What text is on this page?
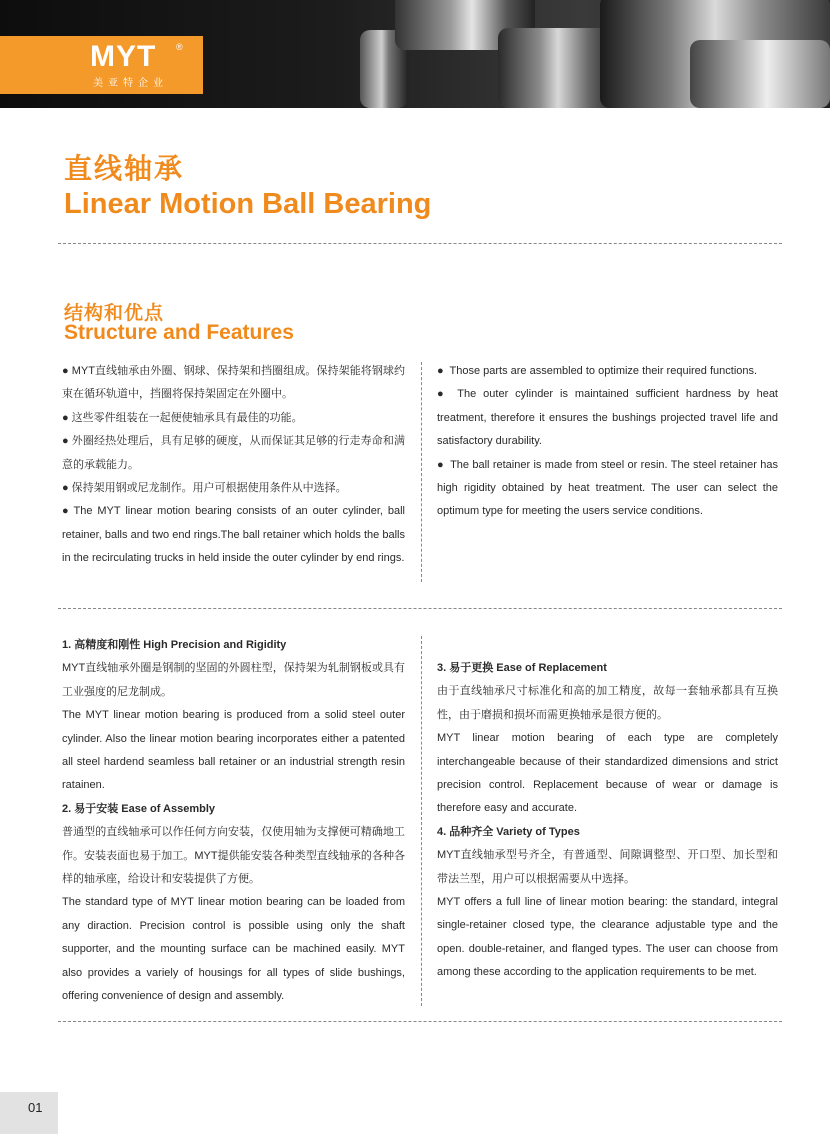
MYT ®
美亚特企业
直线轴承
Linear Motion Ball Bearing
结构和优点
Structure and Features

● MYT直线轴承由外圈、钢球、保持架和挡圈组成。保持架能将钢球约束在循环轨道中，挡圈将保持架固定在外圈中。

● 这些零件组装在一起便使轴承具有最佳的功能。

● 外圈经热处理后，具有足够的硬度，从而保证其足够的行走寿命和满意的承载能力。

● 保持架用钢或尼龙制作。用户可根据使用条件从中选择。

● The MYT linear motion bearing consists of an outer cylinder, ball retainer, balls and two end rings.The ball retainer which holds the balls in the recirculating trucks in held inside the outer cylinder by end rings.

● Those parts are assembled to optimize their required functions.

● The outer cylinder is maintained sufficient hardness by heat treatment, therefore it ensures the bushings projected travel life and satisfactory durability.

● The ball retainer is made from steel or resin. The steel retainer has high rigidity obtained by heat treatment. The user can select the optimum type for meeting the users service conditions.

1. 高精度和刚性 High Precision and Rigidity

MYT直线轴承外圈是钢制的坚固的外圆柱型，保持架为轧制钢板或具有工业强度的尼龙制成。

The MYT linear motion bearing is produced from a solid steel outer cylinder. Also the linear motion bearing incorporates either a patented all steel hardend seamless ball retainer or an industrial strength resin ratainen.

2. 易于安装 Ease of Assembly

普通型的直线轴承可以作任何方向安装，仅使用轴为支撑便可精确地工作。安装表面也易于加工。MYT提供能安装各种类型直线轴承的各种各样的轴承座，给设计和安装提供了方便。

The standard type of MYT linear motion bearing can be loaded from any diraction. Precision control is possible using only the shaft supporter, and the mounting surface can be machined easily. MYT also provides a variely of housings for all types of slide bushings, offering convenience of design and assembly.

3. 易于更换 Ease of Replacement

由于直线轴承尺寸标准化和高的加工精度，故每一套轴承都具有互换性，由于磨损和损坏而需更换轴承是很方便的。

MYT linear motion bearing of each type are completely interchangeable because of their standardized dimensions and strict precision control. Replacement because of wear or damage is therefore easy and accurate.

4. 品种齐全 Variety of Types

MYT直线轴承型号齐全，有普通型、间隙调整型、开口型、加长型和带法兰型，用户可以根据需要从中选择。

MYT offers a full line of linear motion bearing: the standard, integral single-retainer closed type, the clearance adjustable type and the open. double-retainer, and flanged types. The user can choose from among these according to the application requirements to be met.

01
